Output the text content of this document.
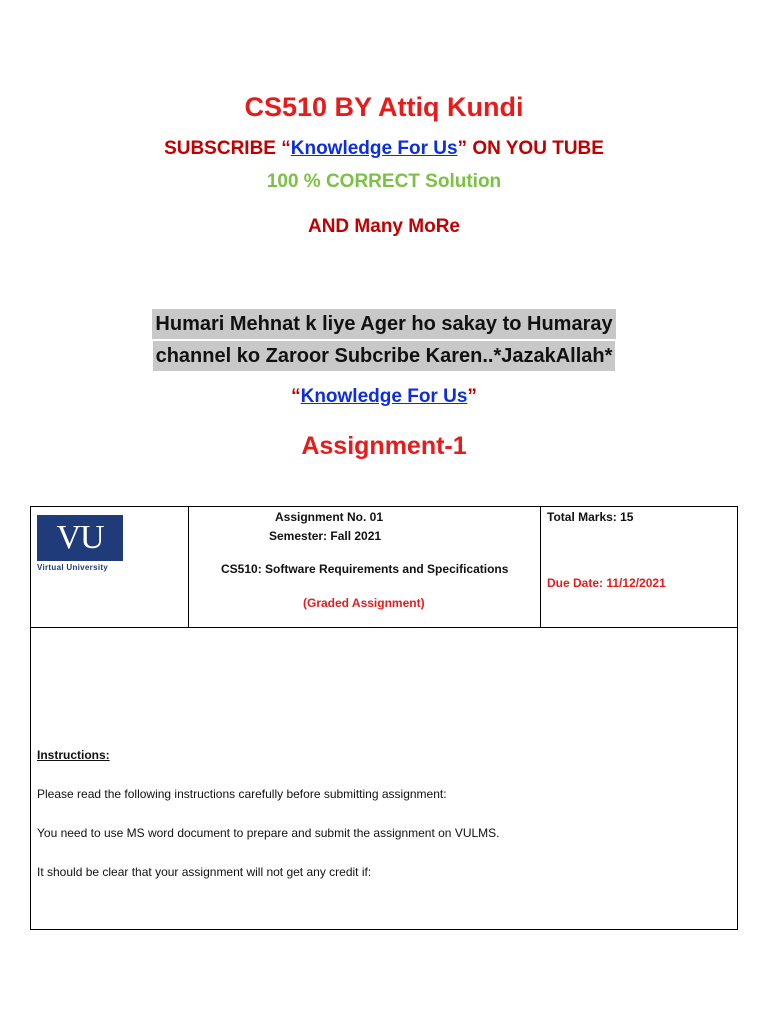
CS510 BY Attiq Kundi
SUBSCRIBE “Knowledge For Us” ON YOU TUBE
100 % CORRECT Solution
AND Many MoRe
Humari Mehnat k liye Ager ho sakay to Humaray
channel ko Zaroor Subcribe Karen..*JazakAllah*
“Knowledge For Us”
Assignment-1
VU
Virtual University
Assignment No. 01
Semester: Fall 2021
CS510: Software Requirements and Specifications
(Graded Assignment)
Total Marks: 15
Due Date: 11/12/2021
Instructions:
Please read the following instructions carefully before submitting assignment:
You need to use MS word document to prepare and submit the assignment on VULMS.
It should be clear that your assignment will not get any credit if:
